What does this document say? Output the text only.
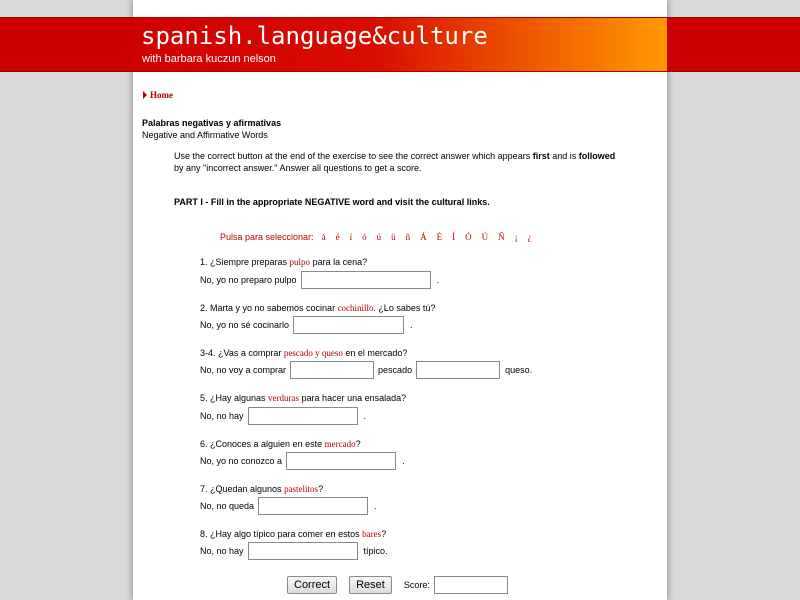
spanish.language&culture
with barbara kuczun nelson
Home
Palabras negativas y afirmativas
Negative and Affirmative Words
Use the correct button at the end of the exercise to see the correct answer which appears first and is followed by any "incorrect answer." Answer all questions to get a score.
PART I - Fill in the appropriate NEGATIVE word and visit the cultural links.
Pulsa para seleccionar: á é í ó ú ü ñ Á É Í Ó Ú Ñ ¡ ¿
1. ¿Siempre preparas pulpo para la cena?
No, yo no preparo pulpo	.
2. Marta y yo no sabemos cocinar cochinillo. ¿Lo sabes tú?
No, yo no sé cocinarlo	.
3-4. ¿Vas a comprar pescado y queso en el mercado?
No, no voy a comprar	pescado	queso.
5. ¿Hay algunas verduras para hacer una ensalada?
No, no hay	.
6. ¿Conoces a alguien en este mercado?
No, yo no conozco a	.
7. ¿Quedan algunos pastelitos?
No, no queda	.
8. ¿Hay algo típico para comer en estos bares?
No, no hay	típico.
Correct	Reset	Score:
